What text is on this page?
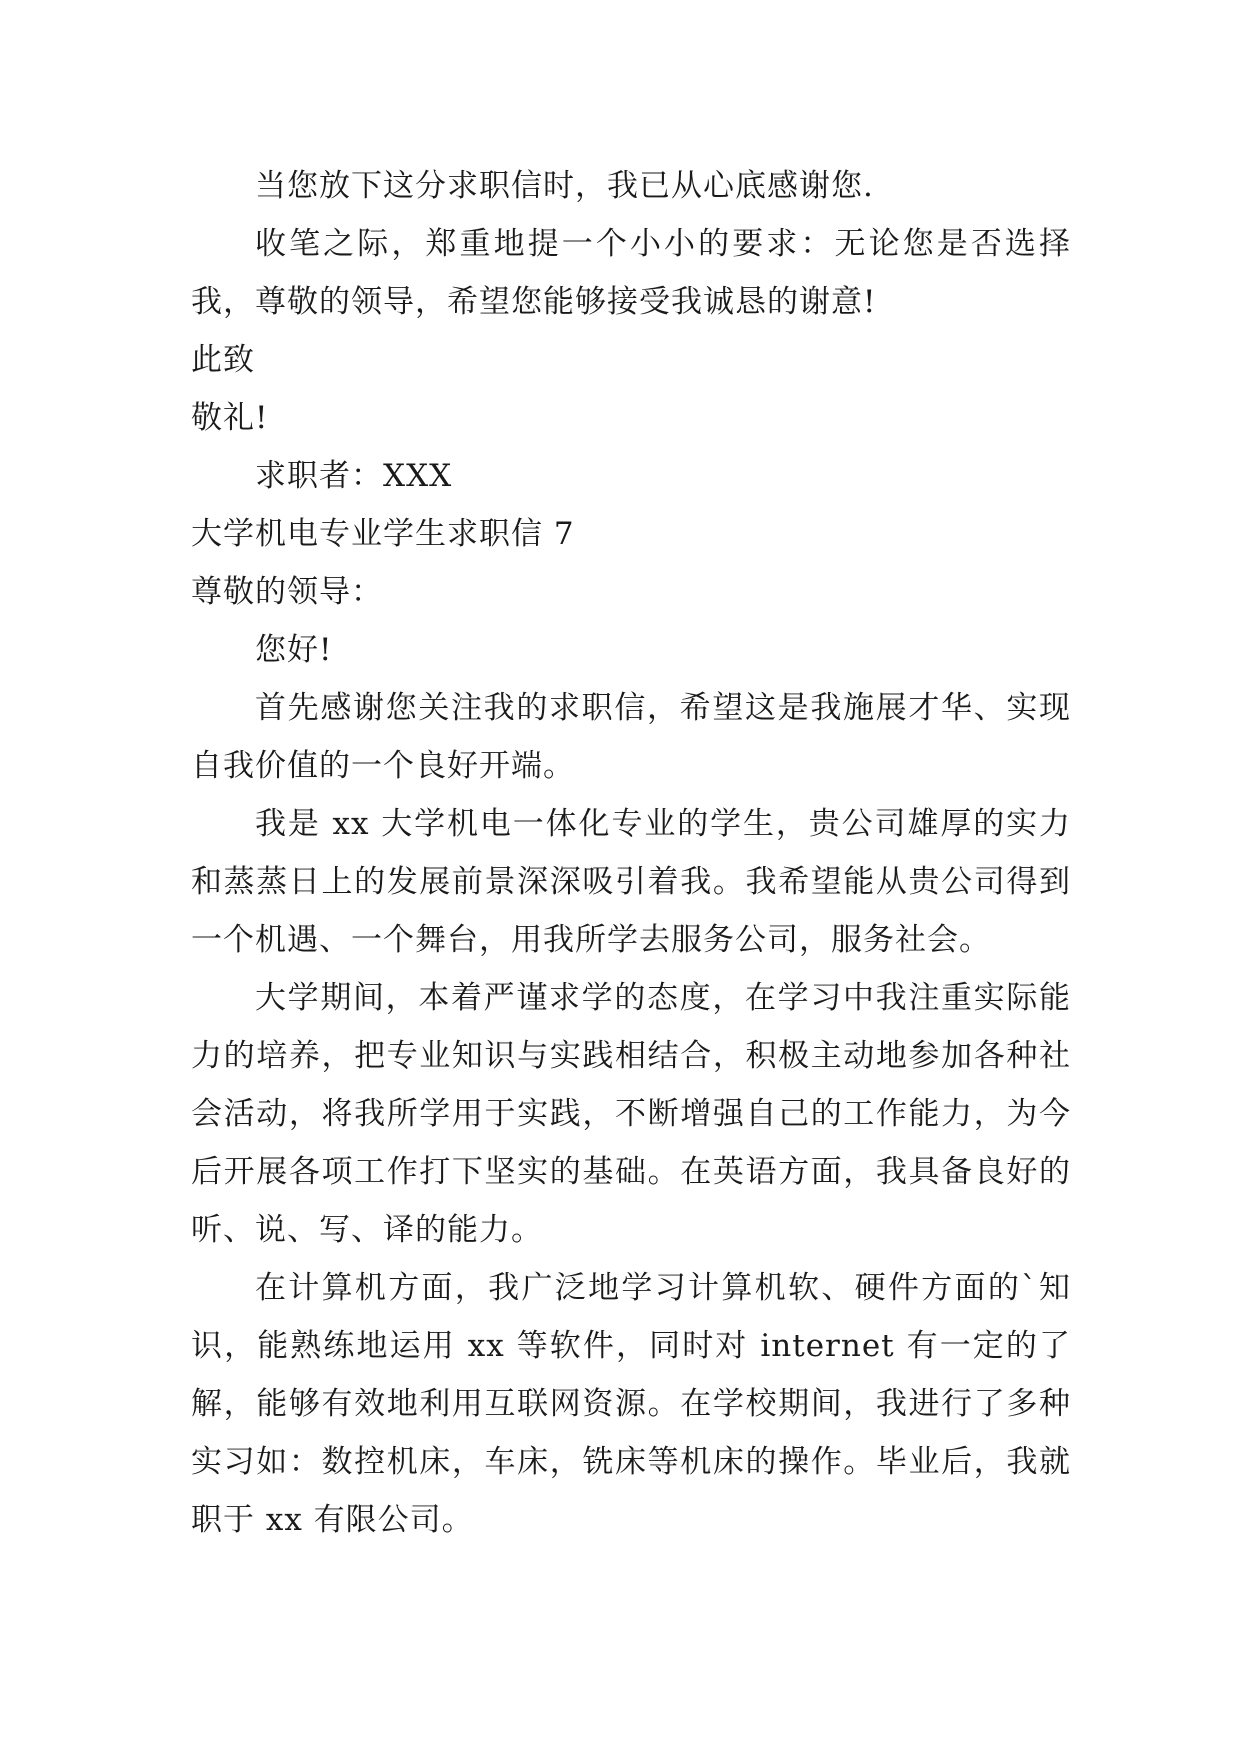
当您放下这分求职信时，我已从心底感谢您.

收笔之际，郑重地提一个小小的要求：无论您是否选择我，尊敬的领导，希望您能够接受我诚恳的谢意!

此致

敬礼!

求职者：XXX

大学机电专业学生求职信 7

尊敬的领导：

您好!

首先感谢您关注我的求职信，希望这是我施展才华、实现自我价值的一个良好开端。

我是 xx 大学机电一体化专业的学生，贵公司雄厚的实力和蒸蒸日上的发展前景深深吸引着我。我希望能从贵公司得到一个机遇、一个舞台，用我所学去服务公司，服务社会。

大学期间，本着严谨求学的态度，在学习中我注重实际能力的培养，把专业知识与实践相结合，积极主动地参加各种社会活动，将我所学用于实践，不断增强自己的工作能力，为今后开展各项工作打下坚实的基础。在英语方面，我具备良好的听、说、写、译的能力。

在计算机方面，我广泛地学习计算机软、硬件方面的`知识，能熟练地运用 xx 等软件，同时对 internet 有一定的了解，能够有效地利用互联网资源。在学校期间，我进行了多种实习如：数控机床，车床，铣床等机床的操作。毕业后，我就职于 xx 有限公司。
